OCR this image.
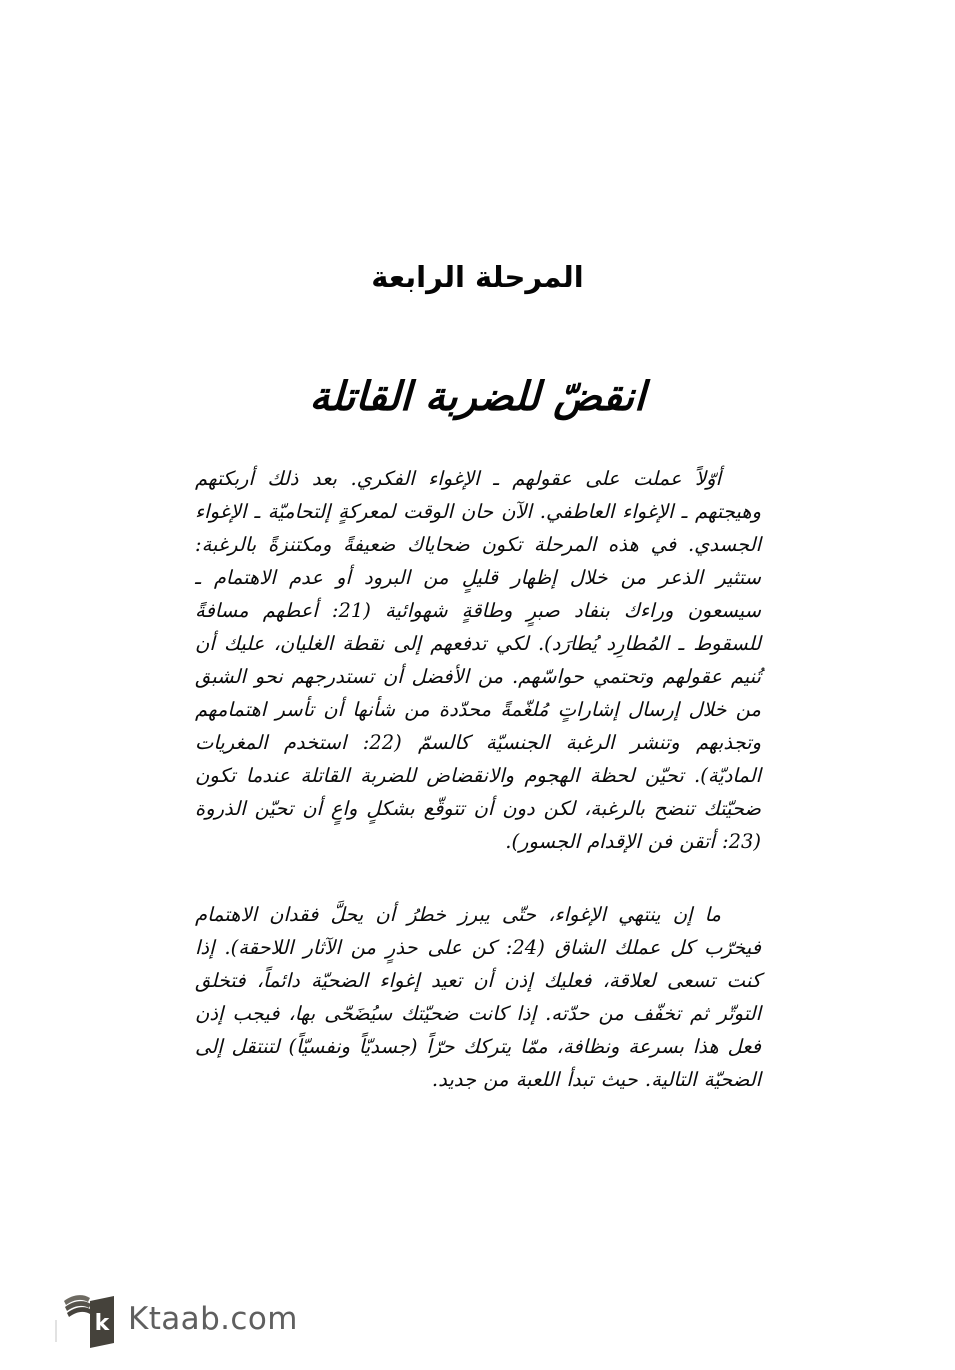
المرحلة الرابعة
انقضّ للضربة القاتلة

أوّلاً عملت على عقولهم ـ الإغواء الفكري. بعد ذلك أربكتهم وهيجتهم ـ الإغواء العاطفي. الآن حان الوقت لمعركةٍ إلتحاميّة ـ الإغواء الجسدي. في هذه المرحلة تكون ضحاياك ضعيفةً ومكتنزةً بالرغبة: ستثير الذعر من خلال إظهار قليلٍ من البرود أو عدم الاهتمام ـ سيسعون وراءك بنفاد صبرٍ وطاقةٍ شهوائية (21: أعطهم مسافةً للسقوط ـ المُطارِد يُطارَد). لكي تدفعهم إلى نقطة الغليان، عليك أن تُنيم عقولهم وتحتمي حواسّهم. من الأفضل أن تستدرجهم نحو الشبق من خلال إرسال إشاراتٍ مُلغّمةً محدّدة من شأنها أن تأسر اهتمامهم وتجذبهم وتنشر الرغبة الجنسيّة كالسمّ (22: استخدم المغريات الماديّة). تحيّن لحظة الهجوم والانقضاض للضربة القاتلة عندما تكون ضحيّتك تنضح بالرغبة، لكن دون أن تتوقّع بشكلٍ واعٍ أن تحيّن الذروة (23: أتقن فن الإقدام الجسور).

ما إن ينتهي الإغواء، حتّى يبرز خطرُ أن يحلَّ فقدان الاهتمام فيخرّب كل عملك الشاق (24: كن على حذرٍ من الآثار اللاحقة). إذا كنت تسعى لعلاقة، فعليك إذن أن تعيد إغواء الضحيّة دائماً، فتخلق التوتّر ثم تخفّف من حدّته. إذا كانت ضحيّتك سيُضَحّى بها، فيجب إذن فعل هذا بسرعة ونظافة، ممّا يتركك حرّاً (جسديّاً ونفسيّاً) لتنتقل إلى الضحيّة التالية. حيث تبدأ اللعبة من جديد.

k Ktaab.com
